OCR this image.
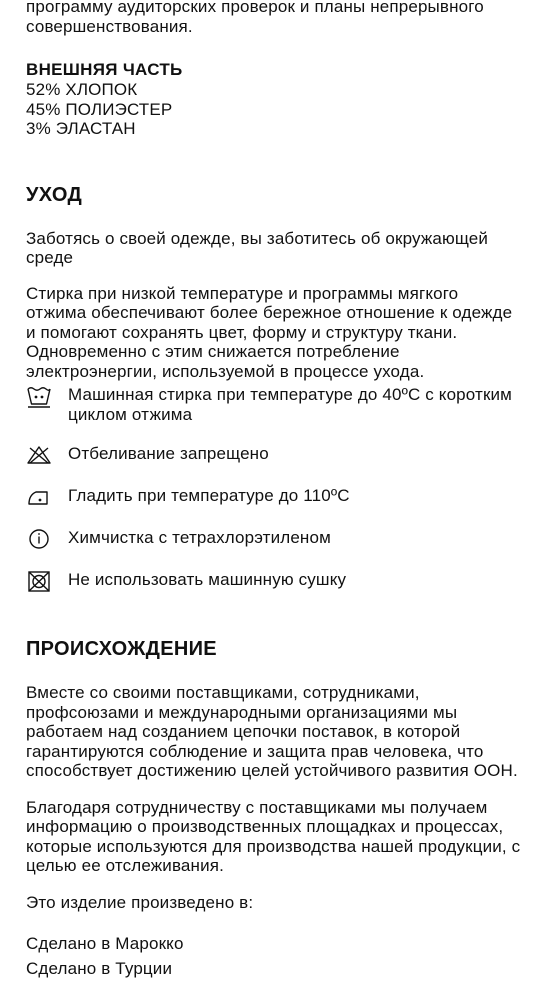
программу аудиторских проверок и планы непрерывного совершенствования.

ВНЕШНЯЯ ЧАСТЬ
52% ХЛОПОК
45% ПОЛИЭСТЕР
3% ЭЛАСТАН
УХОД

Заботясь о своей одежде, вы заботитесь об окружающей среде

Стирка при низкой температуре и программы мягкого отжима обеспечивают более бережное отношение к одежде и помогают сохранять цвет, форму и структуру ткани. Одновременно с этим снижается потребление электроэнергии, используемой в процессе ухода.

Машинная стирка при температуре до 40ºC с коротким циклом отжима
Отбеливание запрещено
Гладить при температуре до 110ºC
Химчистка с тетрахлорэтиленом
Не использовать машинную сушку
ПРОИСХОЖДЕНИЕ

Вместе со своими поставщиками, сотрудниками, профсоюзами и международными организациями мы работаем над созданием цепочки поставок, в которой гарантируются соблюдение и защита прав человека, что способствует достижению целей устойчивого развития ООН.

Благодаря сотрудничеству с поставщиками мы получаем информацию о производственных площадках и процессах, которые используются для производства нашей продукции, с целью ее отслеживания.

Это изделие произведено в:

Сделано в Марокко

Сделано в Турции
